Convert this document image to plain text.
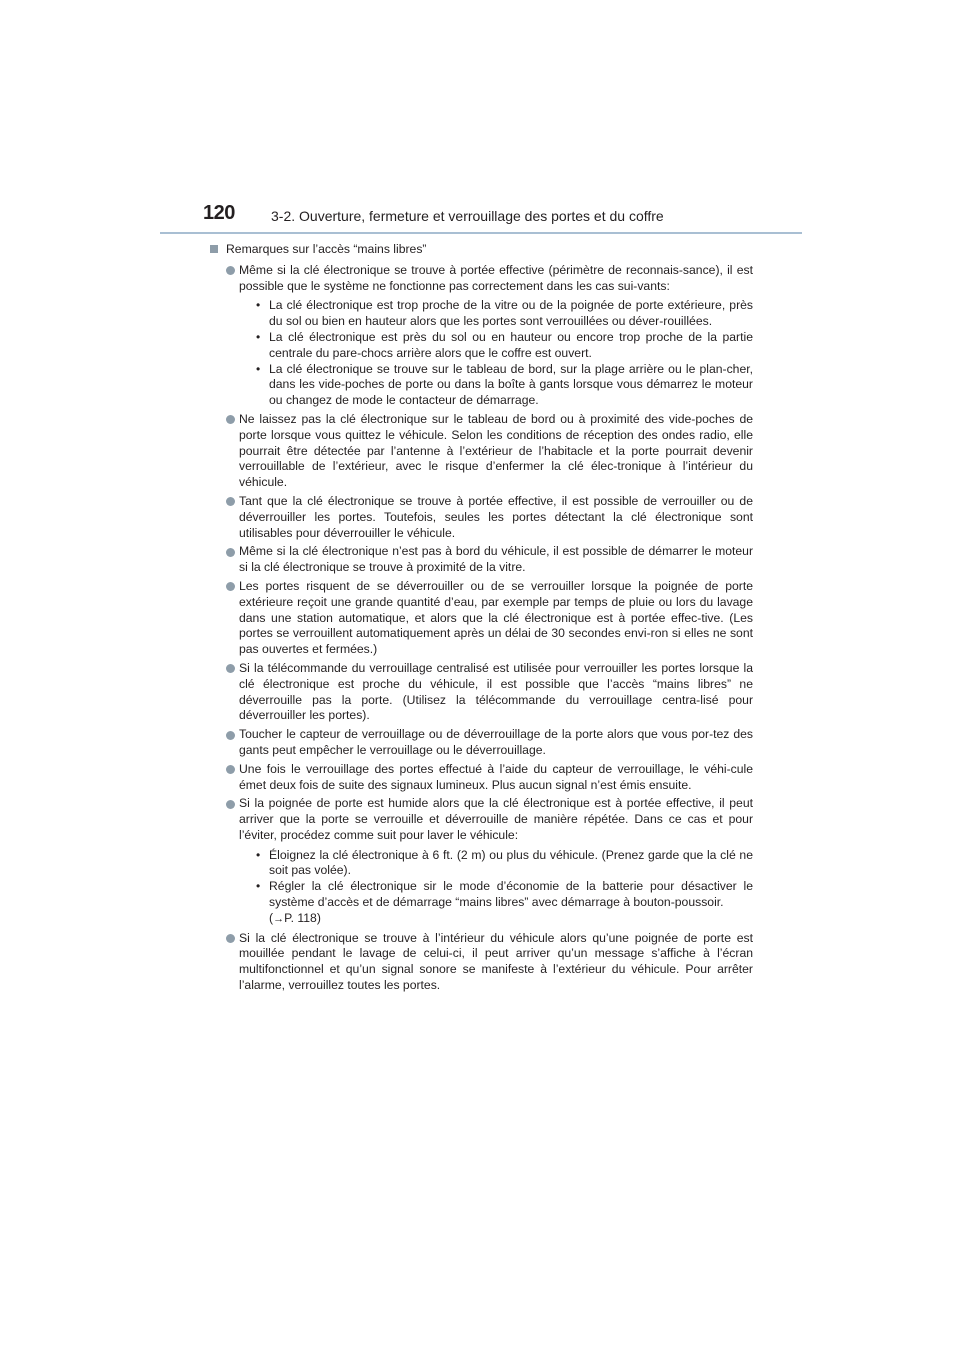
120	3-2. Ouverture, fermeture et verrouillage des portes et du coffre
Remarques sur l’accès “mains libres”
Même si la clé électronique se trouve à portée effective (périmètre de reconnais-sance), il est possible que le système ne fonctionne pas correctement dans les cas sui-vants:
• La clé électronique est trop proche de la vitre ou de la poignée de porte extérieure, près du sol ou bien en hauteur alors que les portes sont verrouillées ou déver-rouillées.
• La clé électronique est près du sol ou en hauteur ou encore trop proche de la partie centrale du pare-chocs arrière alors que le coffre est ouvert.
• La clé électronique se trouve sur le tableau de bord, sur la plage arrière ou le plan-cher, dans les vide-poches de porte ou dans la boîte à gants lorsque vous démarrez le moteur ou changez de mode le contacteur de démarrage.
Ne laissez pas la clé électronique sur le tableau de bord ou à proximité des vide-poches de porte lorsque vous quittez le véhicule. Selon les conditions de réception des ondes radio, elle pourrait être détectée par l’antenne à l’extérieur de l’habitacle et la porte pourrait devenir verrouillable de l’extérieur, avec le risque d’enfermer la clé élec-tronique à l’intérieur du véhicule.
Tant que la clé électronique se trouve à portée effective, il est possible de verrouiller ou de déverrouiller les portes. Toutefois, seules les portes détectant la clé électronique sont utilisables pour déverrouiller le véhicule.
Même si la clé électronique n’est pas à bord du véhicule, il est possible de démarrer le moteur si la clé électronique se trouve à proximité de la vitre.
Les portes risquent de se déverrouiller ou de se verrouiller lorsque la poignée de porte extérieure reçoit une grande quantité d’eau, par exemple par temps de pluie ou lors du lavage dans une station automatique, et alors que la clé électronique est à portée effec-tive. (Les portes se verrouillent automatiquement après un délai de 30 secondes envi-ron si elles ne sont pas ouvertes et fermées.)
Si la télécommande du verrouillage centralisé est utilisée pour verrouiller les portes lorsque la clé électronique est proche du véhicule, il est possible que l’accès “mains libres” ne déverrouille pas la porte. (Utilisez la télécommande du verrouillage centra-lisé pour déverrouiller les portes).
Toucher le capteur de verrouillage ou de déverrouillage de la porte alors que vous por-tez des gants peut empêcher le verrouillage ou le déverrouillage.
Une fois le verrouillage des portes effectué à l’aide du capteur de verrouillage, le véhi-cule émet deux fois de suite des signaux lumineux. Plus aucun signal n’est émis ensuite.
Si la poignée de porte est humide alors que la clé électronique est à portée effective, il peut arriver que la porte se verrouille et déverrouille de manière répétée. Dans ce cas et pour l’éviter, procédez comme suit pour laver le véhicule:
• Éloignez la clé électronique à 6 ft. (2 m) ou plus du véhicule. (Prenez garde que la clé ne soit pas volée).
• Régler la clé électronique sir le mode d’économie de la batterie pour désactiver le système d’accès et de démarrage “mains libres” avec démarrage à bouton-poussoir.
(→P. 118)
Si la clé électronique se trouve à l’intérieur du véhicule alors qu’une poignée de porte est mouillée pendant le lavage de celui-ci, il peut arriver qu’un message s’affiche à l’écran multifonctionnel et qu’un signal sonore se manifeste à l’extérieur du véhicule. Pour arrêter l’alarme, verrouillez toutes les portes.
